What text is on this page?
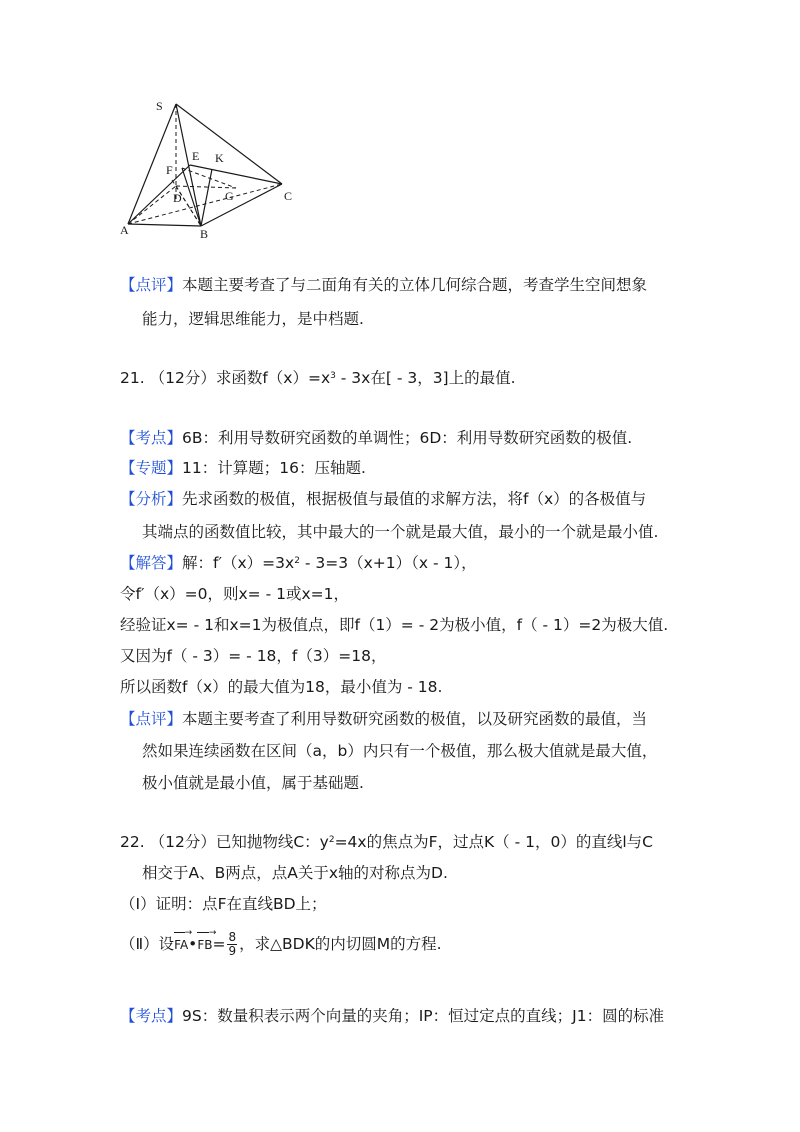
S
E K
F
D	G
A	B
C
【点评】本题主要考查了与二面角有关的立体几何综合题，考查学生空间想象
能力，逻辑思维能力，是中档题.
21. （12分）求函数$f(x)=x^3 - 3x$在[ - 3，3]上的最值.
【考点】6B：利用导数研究函数的单调性；6D：利用导数研究函数的极值.
【专题】11：计算题；16：压轴题.
【分析】先求函数的极值，根据极值与最值的求解方法，将f（x）的各极值与
其端点的函数值比较，其中最大的一个就是最大值，最小的一个就是最小值.
【解答】解：$f'(x)=3x^2 - 3=3(x+1)(x - 1)$，
令f′（x）=0，则x= - 1或x=1，
经验证x= - 1和x=1为极值点，即f（1）= - 2为极小值，f（ - 1）=2为极大值.
又因为f（ - 3）= - 18，f（3）=18，
所以函数f（x）的最大值为18，最小值为 - 18.
【点评】本题主要考查了利用导数研究函数的极值，以及研究函数的最值，当
然如果连续函数在区间（a，b）内只有一个极值，那么极大值就是最大值，
极小值就是最小值，属于基础题.
22. （12分）已知抛物线C：$y^2=4x$的焦点为F，过点K（ - 1，0）的直线l与C
相交于A、B两点，点A关于x轴的对称点为D.
（Ⅰ）证明：点F在直线BD上；
（Ⅱ）设FA →•FB →= $\frac{8}{9}$ ，求△BDK的内切圆M的方程.
【考点】9S：数量积表示两个向量的夹角；IP：恒过定点的直线；J1：圆的标准
